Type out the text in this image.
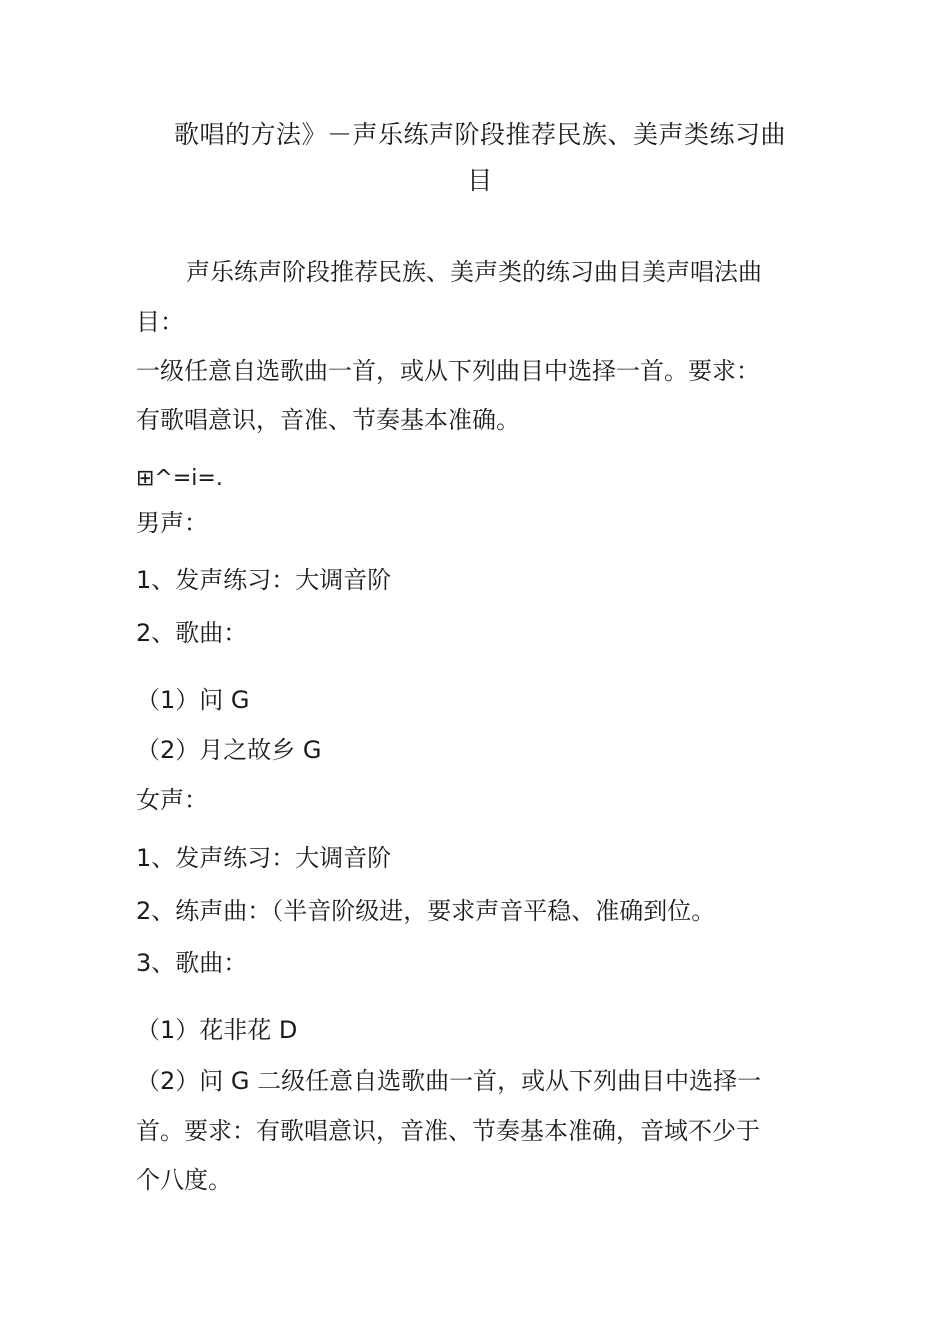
歌唱的方法》－声乐练声阶段推荐民族、美声类练习曲
目
声乐练声阶段推荐民族、美声类的练习曲目美声唱法曲
目：
一级任意自选歌曲一首，或从下列曲目中选择一首。要求：
有歌唱意识，音准、节奏基本准确。
⊞^=i=.
男声：
1、发声练习：大调音阶
2、歌曲：
（1）问 G
（2）月之故乡 G
女声：
1、发声练习：大调音阶
2、练声曲：（半音阶级进，要求声音平稳、准确到位。
3、歌曲：
（1）花非花 D
（2）问 G 二级任意自选歌曲一首，或从下列曲目中选择一
首。要求：有歌唱意识，音准、节奏基本准确，音域不少于
个八度。
